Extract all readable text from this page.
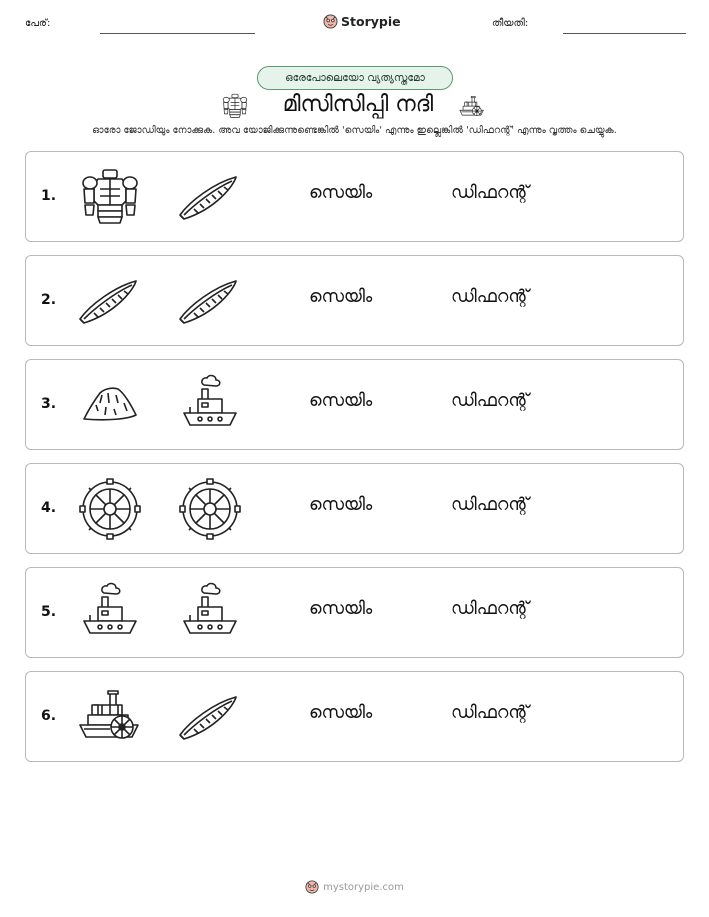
പേര്:	Storypie	തീയതി:
ഒരേപോലെയോ വ്യത്യസ്തമോ
മിസിസിപ്പി നദി
ഓരോ ജോഡിയും നോക്കുക. അവ യോജിക്കുന്നുണ്ടെങ്കിൽ 'സെയിം' എന്നും ഇല്ലെങ്കിൽ 'ഡിഫറന്റ്' എന്നും വൃത്തം ചെയ്യുക.
1.	സെയിം	ഡിഫറന്റ്
2.	സെയിം	ഡിഫറന്റ്
3.	സെയിം	ഡിഫറന്റ്
4.	സെയിം	ഡിഫറന്റ്
5.	സെയിം	ഡിഫറന്റ്
6.	സെയിം	ഡിഫറന്റ്
mystorypie.com
